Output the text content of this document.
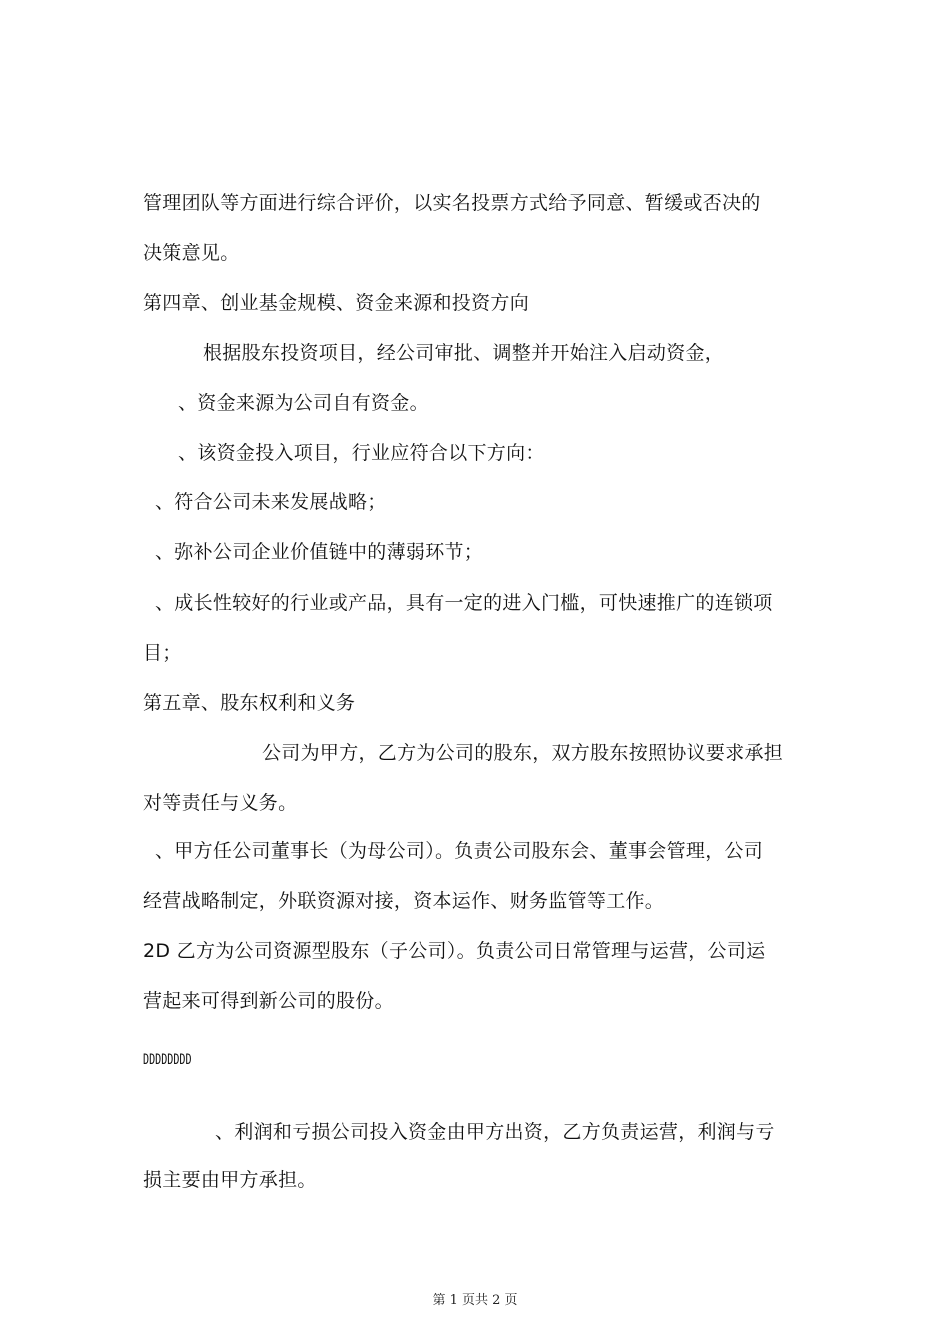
管理团队等方面进行综合评价，以实名投票方式给予同意、暂缓或否决的
决策意见。
第四章、创业基金规模、资金来源和投资方向
根据股东投资项目，经公司审批、调整并开始注入启动资金，
、资金来源为公司自有资金。
、该资金投入项目，行业应符合以下方向：
、符合公司未来发展战略；
、弥补公司企业价值链中的薄弱环节；
、成长性较好的行业或产品，具有一定的进入门槛，可快速推广的连锁项
目；
第五章、股东权利和义务
公司为甲方，乙方为公司的股东，双方股东按照协议要求承担
对等责任与义务。
、甲方任公司董事长（为母公司）。负责公司股东会、董事会管理，公司
经营战略制定，外联资源对接，资本运作、财务监管等工作。
2D 乙方为公司资源型股东（子公司）。负责公司日常管理与运营，公司运
营起来可得到新公司的股份。
DDDDDDDD
、利润和亏损公司投入资金由甲方出资，乙方负责运营，利润与亏
损主要由甲方承担。
第 1 页共 2 页
